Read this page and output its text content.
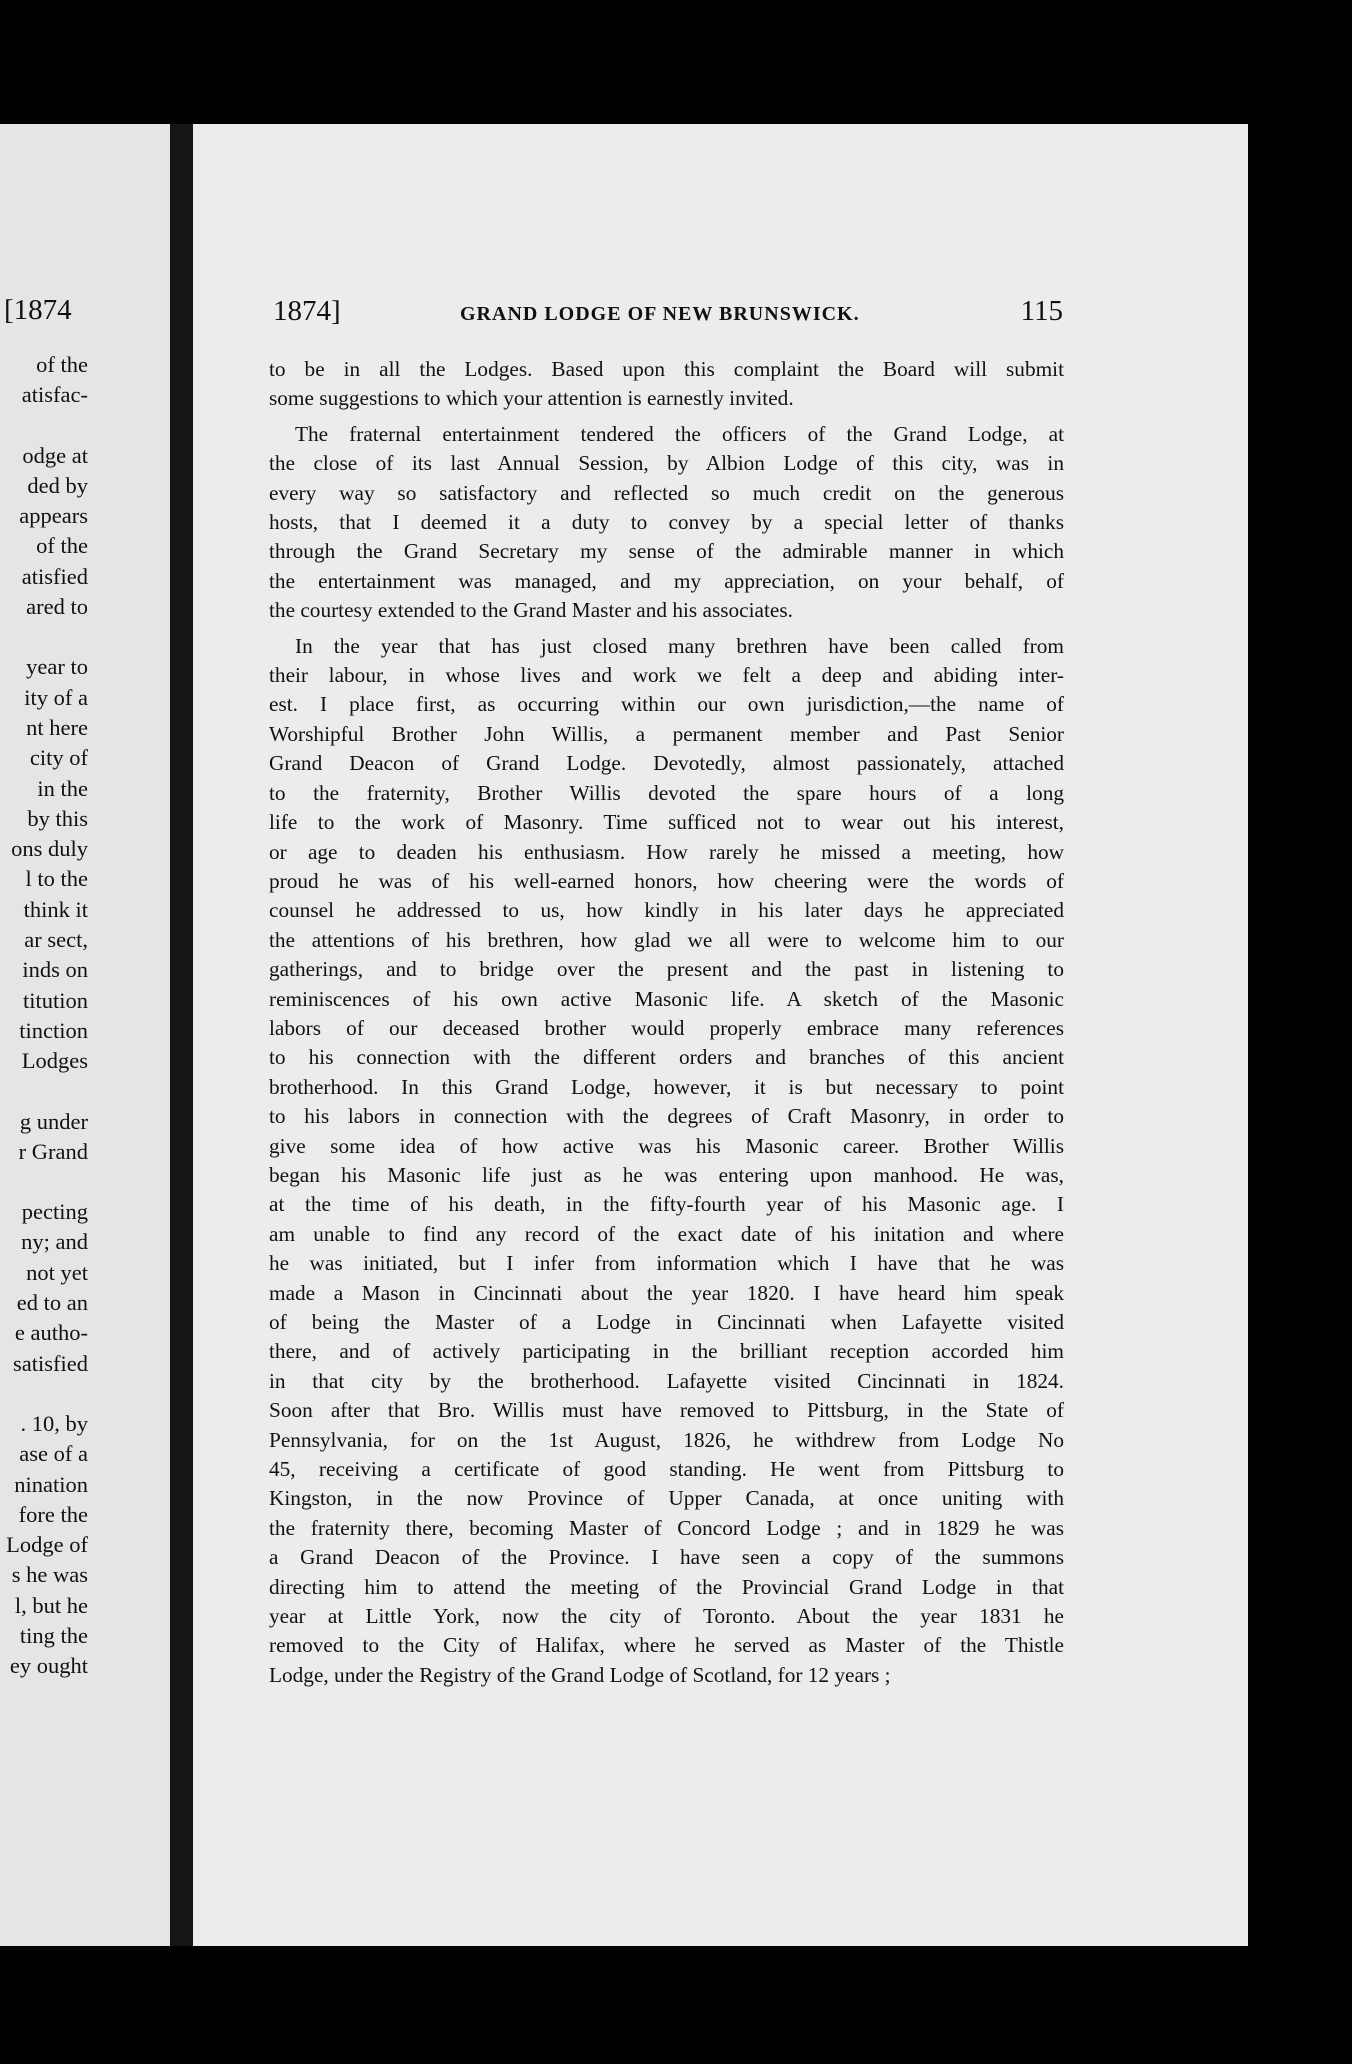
[1874
of the
atisfac-
odge at
ded by
appears
of the
atisfied
ared to
year to
ity of a
nt here
city of
in the
by this
ons duly
l to the
think it
ar sect,
inds on
titution
tinction
Lodges
g under
r Grand
pecting
ny; and
not yet
ed to an
e autho-
satisfied
. 10, by
ase of a
nination
fore the
Lodge of
s he was
l, but he
ting the
ey ought
1874]	GRAND LODGE OF NEW BRUNSWICK.	115
to be in all the Lodges. Based upon this complaint the Board will submit
some suggestions to which your attention is earnestly invited.
The fraternal entertainment tendered the officers of the Grand Lodge, at
the close of its last Annual Session, by Albion Lodge of this city, was in
every way so satisfactory and reflected so much credit on the generous
hosts, that I deemed it a duty to convey by a special letter of thanks
through the Grand Secretary my sense of the admirable manner in which
the entertainment was managed, and my appreciation, on your behalf, of
the courtesy extended to the Grand Master and his associates.
In the year that has just closed many brethren have been called from
their labour, in whose lives and work we felt a deep and abiding inter-
est. I place first, as occurring within our own jurisdiction,—the name of
Worshipful Brother John Willis, a permanent member and Past Senior
Grand Deacon of Grand Lodge. Devotedly, almost passionately, attached
to the fraternity, Brother Willis devoted the spare hours of a long
life to the work of Masonry. Time sufficed not to wear out his interest,
or age to deaden his enthusiasm. How rarely he missed a meeting, how
proud he was of his well-earned honors, how cheering were the words of
counsel he addressed to us, how kindly in his later days he appreciated
the attentions of his brethren, how glad we all were to welcome him to our
gatherings, and to bridge over the present and the past in listening to
reminiscences of his own active Masonic life. A sketch of the Masonic
labors of our deceased brother would properly embrace many references
to his connection with the different orders and branches of this ancient
brotherhood. In this Grand Lodge, however, it is but necessary to point
to his labors in connection with the degrees of Craft Masonry, in order to
give some idea of how active was his Masonic career. Brother Willis
began his Masonic life just as he was entering upon manhood. He was,
at the time of his death, in the fifty-fourth year of his Masonic age. I
am unable to find any record of the exact date of his initation and where
he was initiated, but I infer from information which I have that he was
made a Mason in Cincinnati about the year 1820. I have heard him speak
of being the Master of a Lodge in Cincinnati when Lafayette visited
there, and of actively participating in the brilliant reception accorded him
in that city by the brotherhood. Lafayette visited Cincinnati in 1824.
Soon after that Bro. Willis must have removed to Pittsburg, in the State of
Pennsylvania, for on the 1st August, 1826, he withdrew from Lodge No
45, receiving a certificate of good standing. He went from Pittsburg to
Kingston, in the now Province of Upper Canada, at once uniting with
the fraternity there, becoming Master of Concord Lodge ; and in 1829 he was
a Grand Deacon of the Province. I have seen a copy of the summons
directing him to attend the meeting of the Provincial Grand Lodge in that
year at Little York, now the city of Toronto. About the year 1831 he
removed to the City of Halifax, where he served as Master of the Thistle
Lodge, under the Registry of the Grand Lodge of Scotland, for 12 years ;
